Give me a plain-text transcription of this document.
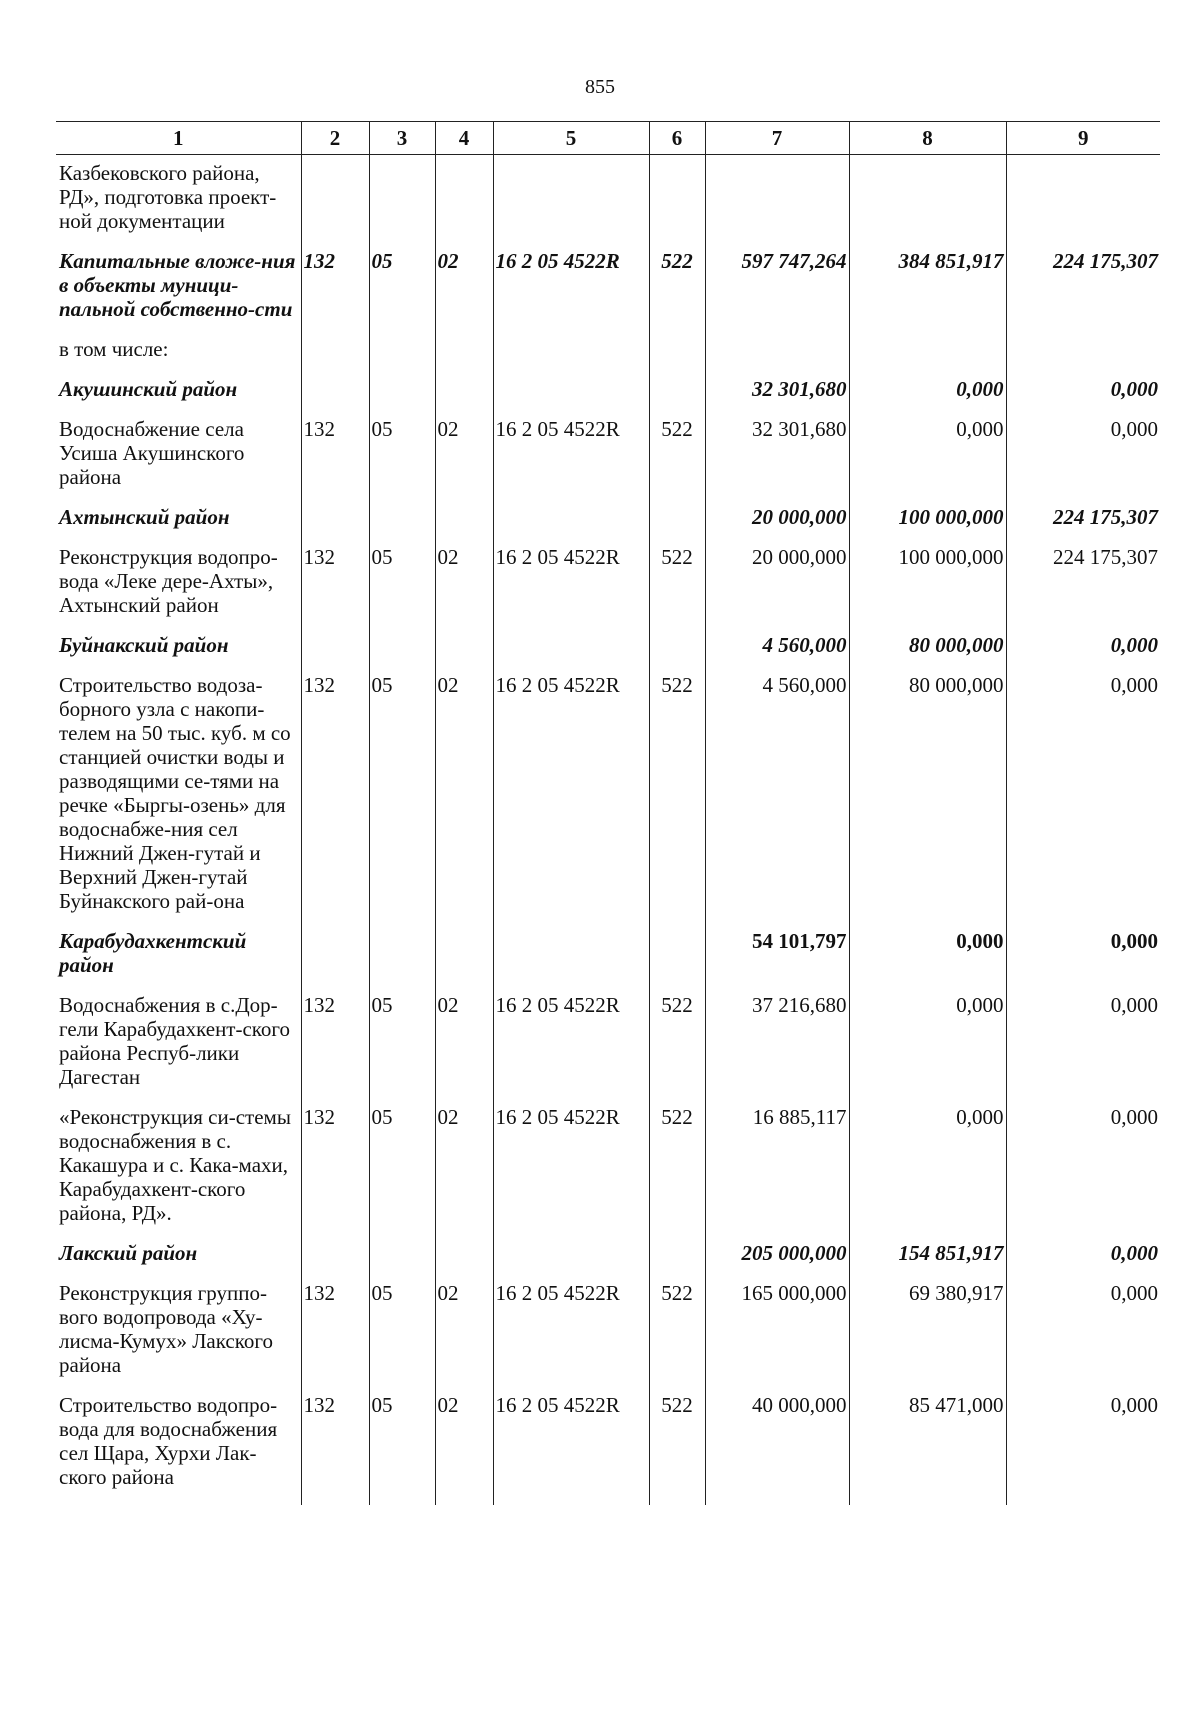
855
1	2	3	4	5	6	7	8	9
Казбековского района, РД», подготовка проект-ной документации								
Капитальные вложе-ния в объекты муници-пальной собственно-сти	132	05	02	16 2 05 4522R	522	597 747,264	384 851,917	224 175,307
в том числе:								
Акушинский район						32 301,680	0,000	0,000
Водоснабжение села Усиша Акушинского района	132	05	02	16 2 05 4522R	522	32 301,680	0,000	0,000
Ахтынский район						20 000,000	100 000,000	224 175,307
Реконструкция водопро-вода «Леке дере-Ахты», Ахтынский район	132	05	02	16 2 05 4522R	522	20 000,000	100 000,000	224 175,307
Буйнакский район						4 560,000	80 000,000	0,000
Строительство водоза-борного узла с накопи-телем на 50 тыс. куб. м со станцией очистки воды и разводящими се-тями на речке «Быргы-озень» для водоснабже-ния сел Нижний Джен-гутай и Верхний Джен-гутай Буйнакского рай-она	132	05	02	16 2 05 4522R	522	4 560,000	80 000,000	0,000
Карабудахкентский район						54 101,797	0,000	0,000
Водоснабжения в с.Дор-гели Карабудахкент-ского района Респуб-лики Дагестан	132	05	02	16 2 05 4522R	522	37 216,680	0,000	0,000
«Реконструкция си-стемы водоснабжения в с. Какашура и с. Кака-махи, Карабудахкент-ского района, РД».	132	05	02	16 2 05 4522R	522	16 885,117	0,000	0,000
Лакский район						205 000,000	154 851,917	0,000
Реконструкция группо-вого водопровода «Ху-лисма-Кумух» Лакского района	132	05	02	16 2 05 4522R	522	165 000,000	69 380,917	0,000
Строительство водопро-вода для водоснабжения сел Щара, Хурхи Лак-ского района	132	05	02	16 2 05 4522R	522	40 000,000	85 471,000	0,000
